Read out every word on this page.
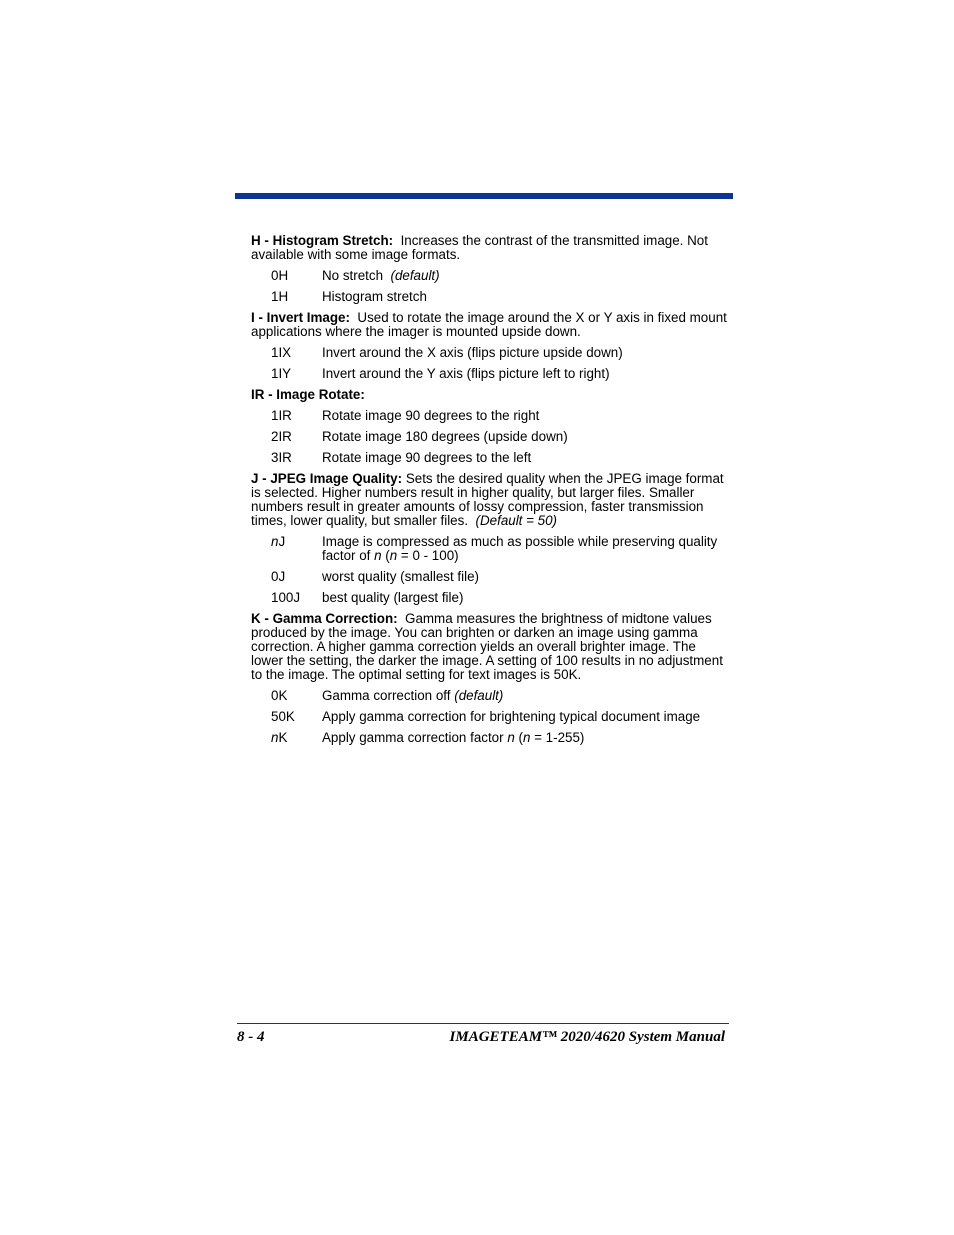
H - Histogram Stretch: Increases the contrast of the transmitted image. Not available with some image formats.

0H	No stretch (default)
1H	Histogram stretch

I - Invert Image: Used to rotate the image around the X or Y axis in fixed mount applications where the imager is mounted upside down.

1IX	Invert around the X axis (flips picture upside down)
1IY	Invert around the Y axis (flips picture left to right)

IR - Image Rotate:

1IR	Rotate image 90 degrees to the right
2IR	Rotate image 180 degrees (upside down)
3IR	Rotate image 90 degrees to the left

J - JPEG Image Quality: Sets the desired quality when the JPEG image format is selected. Higher numbers result in higher quality, but larger files. Smaller numbers result in greater amounts of lossy compression, faster transmission times, lower quality, but smaller files. (Default = 50)

nJ	Image is compressed as much as possible while preserving quality factor of n (n = 0 - 100)
0J	worst quality (smallest file)
100J	best quality (largest file)

K - Gamma Correction: Gamma measures the brightness of midtone values produced by the image. You can brighten or darken an image using gamma correction. A higher gamma correction yields an overall brighter image. The lower the setting, the darker the image. A setting of 100 results in no adjustment to the image. The optimal setting for text images is 50K.

0K	Gamma correction off (default)
50K	Apply gamma correction for brightening typical document image
nK	Apply gamma correction factor n (n = 1-255)
8 - 4	IMAGETEAM™ 2020/4620 System Manual
